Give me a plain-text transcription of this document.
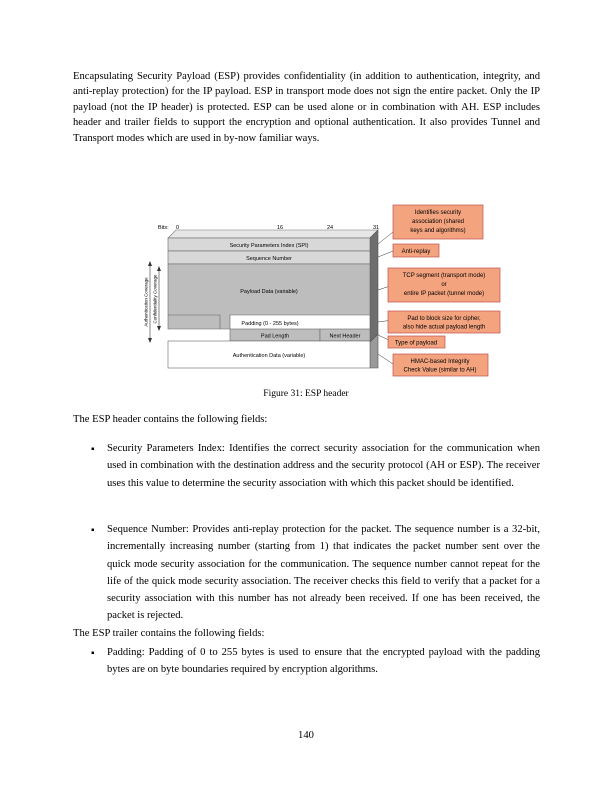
Encapsulating Security Payload (ESP) provides confidentiality (in addition to authentication, integrity, and anti-replay protection) for the IP payload. ESP in transport mode does not sign the entire packet. Only the IP payload (not the IP header) is protected. ESP can be used alone or in combination with AH. ESP includes header and trailer fields to support the encryption and optional authentication. It also provides Tunnel and Transport modes which are used in by-now familiar ways.

Bits: 0	16	24	31
Security Parameters Index (SPI)
Sequence Number
Payload Data (variable)
Padding (0 - 255 bytes)
Pad Length	Next Header
Authentication Data (variable)
Authentication Coverage Confidentiality Coverage
Identifies security
association (shared
keys and algorithms)
Anti-replay
TCP segment (transport mode)
or
entire IP packet (tunnel mode)
Pad to block size for cipher,
also hide actual payload length
Type of payload
HMAC-based Integrity
Check Value (similar to AH)
Figure 31: ESP header

The ESP header contains the following fields:

▪ Security Parameters Index: Identifies the correct security association for the communication when used in combination with the destination address and the security protocol (AH or ESP). The receiver uses this value to determine the security association with which this packet should be identified.

▪ Sequence Number: Provides anti-replay protection for the packet. The sequence number is a 32-bit, incrementally increasing number (starting from 1) that indicates the packet number sent over the quick mode security association for the communication. The sequence number cannot repeat for the life of the quick mode security association. The receiver checks this field to verify that a packet for a security association with this number has not already been received. If one has been received, the packet is rejected.

The ESP trailer contains the following fields:

▪ Padding: Padding of 0 to 255 bytes is used to ensure that the encrypted payload with the padding bytes are on byte boundaries required by encryption algorithms.

140
